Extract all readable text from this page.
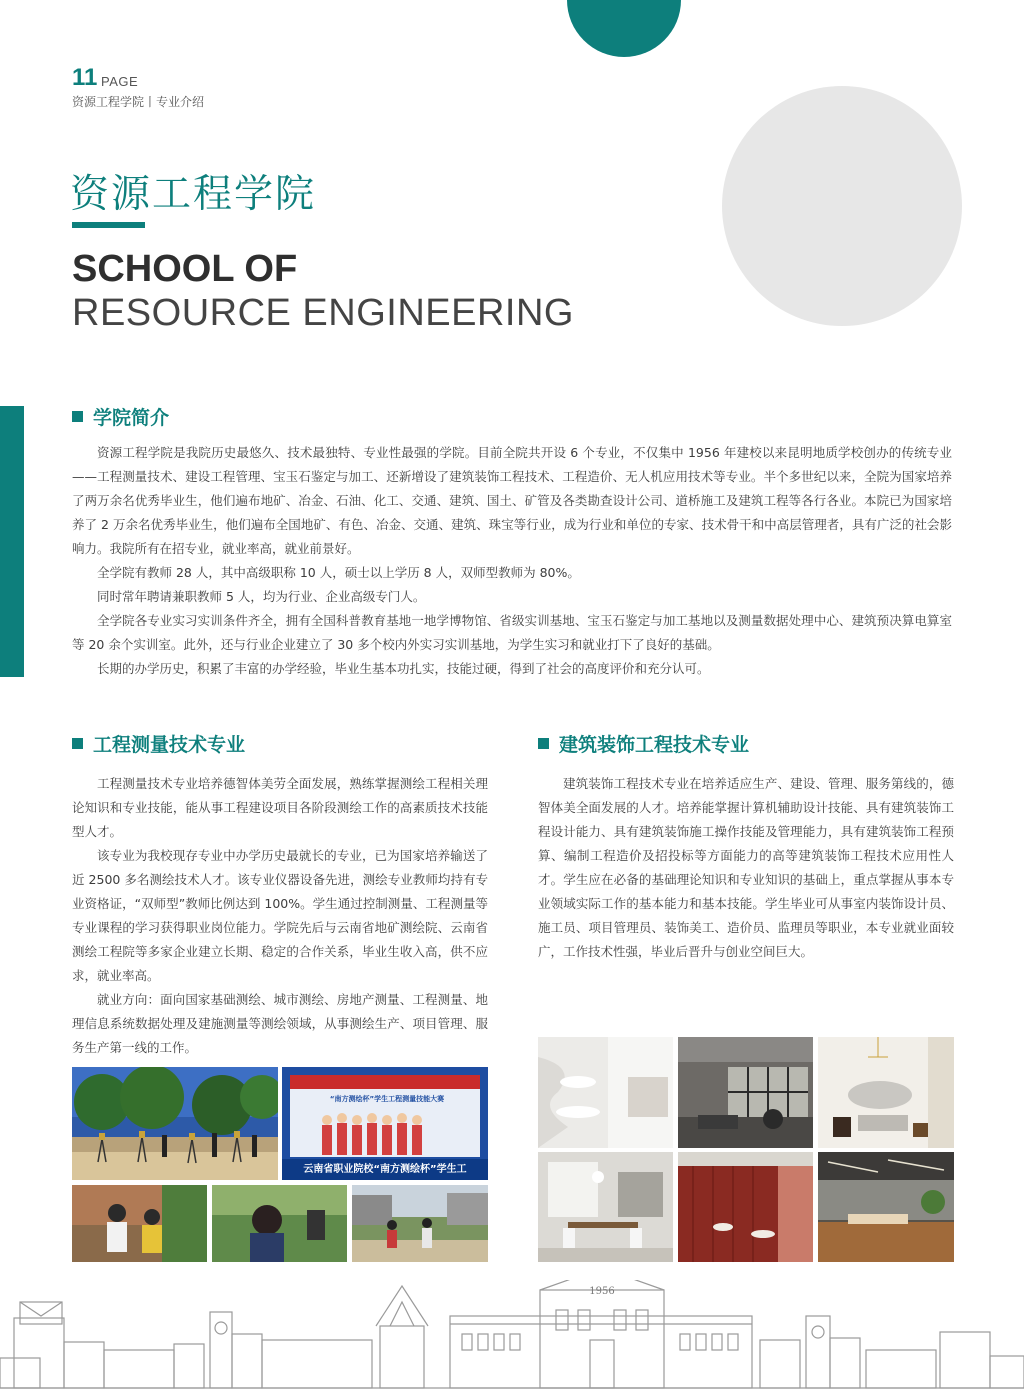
11 PAGE
资源工程学院丨专业介绍
资源工程学院
SCHOOL OF
RESOURCE ENGINEERING
学院简介

资源工程学院是我院历史最悠久、技术最独特、专业性最强的学院。目前全院共开设 6 个专业，不仅集中 1956 年建校以来昆明地质学校创办的传统专业——工程测量技术、建设工程管理、宝玉石鉴定与加工、还新增设了建筑装饰工程技术、工程造价、无人机应用技术等专业。半个多世纪以来，全院为国家培养了两万余名优秀毕业生，他们遍布地矿、冶金、石油、化工、交通、建筑、国土、矿管及各类勘查设计公司、道桥施工及建筑工程等各行各业。本院已为国家培养了 2 万余名优秀毕业生，他们遍布全国地矿、有色、冶金、交通、建筑、珠宝等行业，成为行业和单位的专家、技术骨干和中高层管理者，具有广泛的社会影响力。我院所有在招专业，就业率高，就业前景好。

全学院有教师 28 人，其中高级职称 10 人，硕士以上学历 8 人，双师型教师为 80%。

同时常年聘请兼职教师 5 人，均为行业、企业高级专门人。

全学院各专业实习实训条件齐全，拥有全国科普教育基地一地学博物馆、省级实训基地、宝玉石鉴定与加工基地以及测量数据处理中心、建筑预决算电算室等 20 余个实训室。此外，还与行业企业建立了 30 多个校内外实习实训基地，为学生实习和就业打下了良好的基础。

长期的办学历史，积累了丰富的办学经验，毕业生基本功扎实，技能过硬，得到了社会的高度评价和充分认可。

工程测量技术专业

工程测量技术专业培养德智体美劳全面发展，熟练掌握测绘工程相关理论知识和专业技能，能从事工程建设项目各阶段测绘工作的高素质技术技能型人才。

该专业为我校现存专业中办学历史最就长的专业，已为国家培养输送了近 2500 多名测绘技术人才。该专业仪器设备先进，测绘专业教师均持有专业资格证，“双师型”教师比例达到 100%。学生通过控制测量、工程测量等专业课程的学习获得职业岗位能力。学院先后与云南省地矿测绘院、云南省测绘工程院等多家企业建立长期、稳定的合作关系，毕业生收入高，供不应求，就业率高。

就业方向：面向国家基础测绘、城市测绘、房地产测量、工程测量、地理信息系统数据处理及建施测量等测绘领域，从事测绘生产、项目管理、服务生产第一线的工作。

建筑装饰工程技术专业

建筑装饰工程技术专业在培养适应生产、建设、管理、服务第线的，德智体美全面发展的人才。培养能掌握计算机辅助设计技能、具有建筑装饰工程设计能力、具有建筑装饰施工操作技能及管理能力，具有建筑装饰工程预算、编制工程造价及招投标等方面能力的高等建筑装饰工程技术应用性人才。学生应在必备的基础理论知识和专业知识的基础上，重点掌握从事本专业领域实际工作的基本能力和基本技能。学生毕业可从事室内装饰设计员、施工员、项目管理员、装饰美工、造价员、监理员等职业，本专业就业面较广，工作技术性强，毕业后晋升与创业空间巨大。

“南方测绘杯”学生工程测量技能大赛
云南省职业院校“南方测绘杯”学生工
1956
